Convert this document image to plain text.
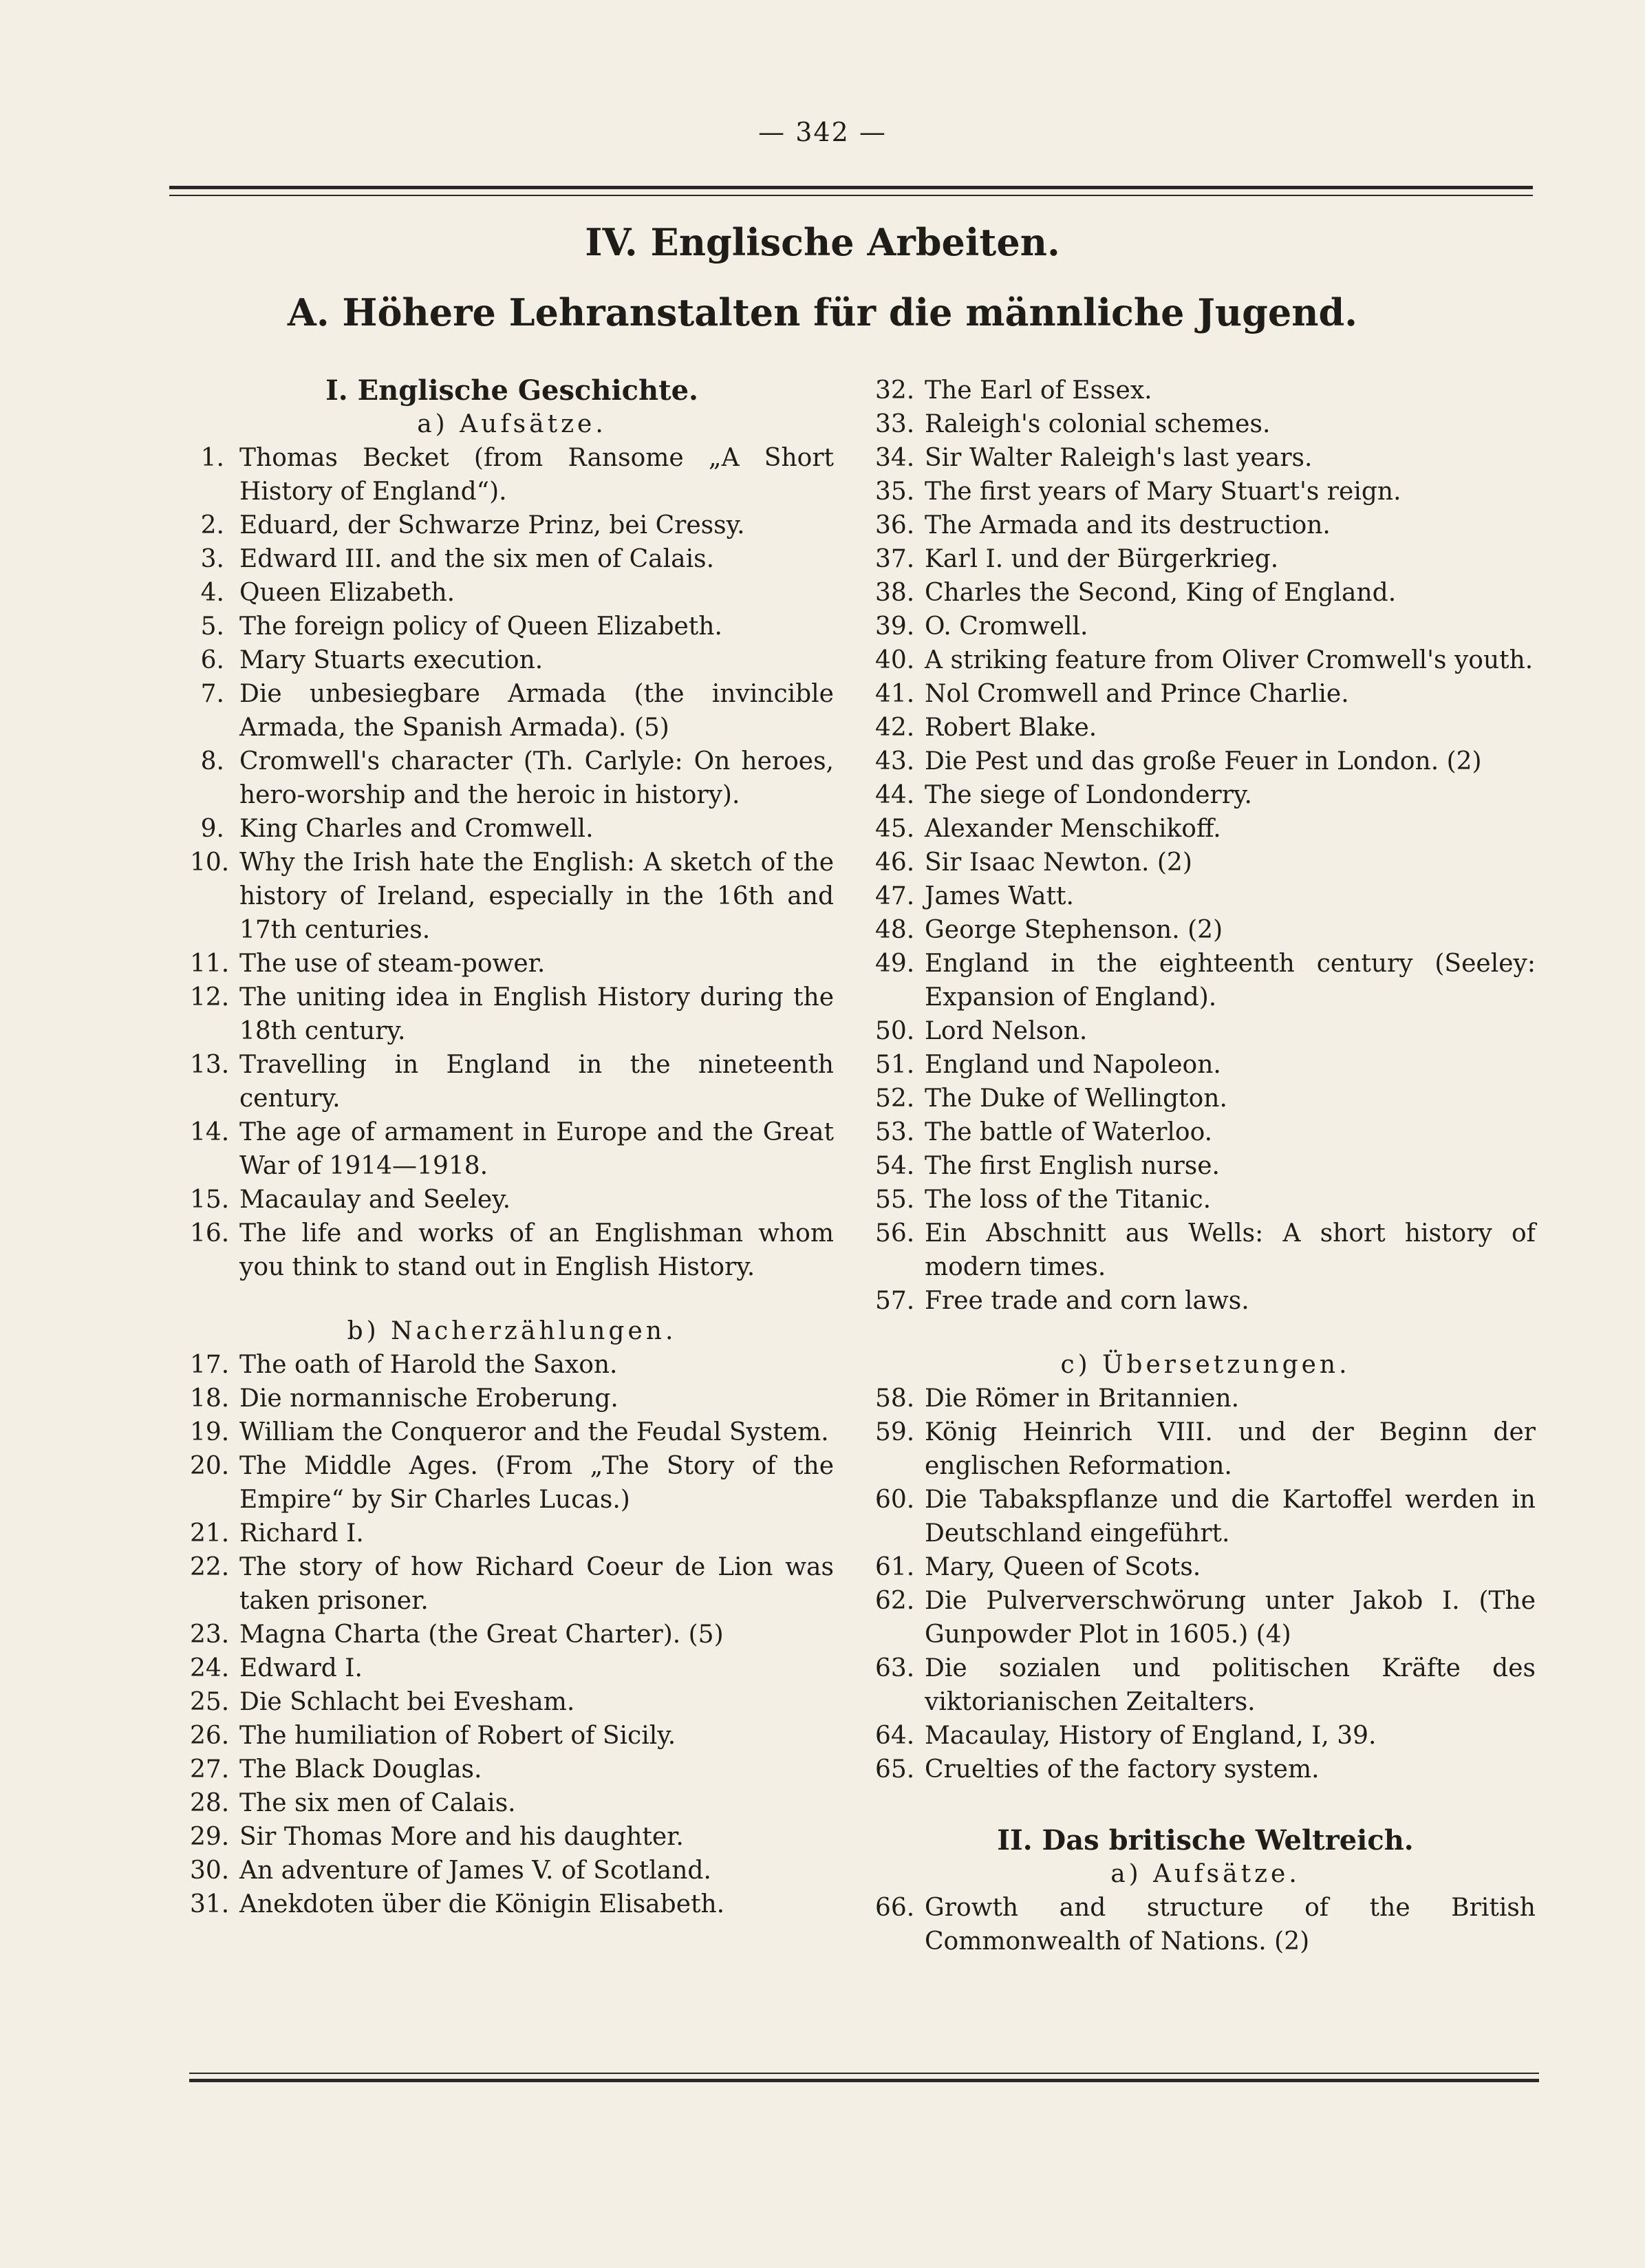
— 342 —
IV. Englische Arbeiten.
A. Höhere Lehranstalten für die männliche Jugend.

I. Englische Geschichte.
a) Aufsätze.
1. Thomas Becket (from Ransome „A Short History of England“).
2. Eduard, der Schwarze Prinz, bei Cressy.
3. Edward III. and the six men of Calais.
4. Queen Elizabeth.
5. The foreign policy of Queen Elizabeth.
6. Mary Stuarts execution.
7. Die unbesiegbare Armada (the invincible Armada, the Spanish Armada). (5)
8. Cromwell's character (Th. Carlyle: On heroes, hero-worship and the heroic in history).
9. King Charles and Cromwell.
10. Why the Irish hate the English: A sketch of the history of Ireland, especially in the 16th and 17th centuries.
11. The use of steam-power.
12. The uniting idea in English History during the 18th century.
13. Travelling in England in the nineteenth century.
14. The age of armament in Europe and the Great War of 1914—1918.
15. Macaulay and Seeley.
16. The life and works of an Englishman whom you think to stand out in English History.
b) Nacherzählungen.
17. The oath of Harold the Saxon.
18. Die normannische Eroberung.
19. William the Conqueror and the Feudal System.
20. The Middle Ages. (From „The Story of the Empire“ by Sir Charles Lucas.)
21. Richard I.
22. The story of how Richard Coeur de Lion was taken prisoner.
23. Magna Charta (the Great Charter). (5)
24. Edward I.
25. Die Schlacht bei Evesham.
26. The humiliation of Robert of Sicily.
27. The Black Douglas.
28. The six men of Calais.
29. Sir Thomas More and his daughter.
30. An adventure of James V. of Scotland.
31. Anekdoten über die Königin Elisabeth.
32. The Earl of Essex.
33. Raleigh's colonial schemes.
34. Sir Walter Raleigh's last years.
35. The first years of Mary Stuart's reign.
36. The Armada and its destruction.
37. Karl I. und der Bürgerkrieg.
38. Charles the Second, King of England.
39. O. Cromwell.
40. A striking feature from Oliver Cromwell's youth.
41. Nol Cromwell and Prince Charlie.
42. Robert Blake.
43. Die Pest und das große Feuer in London. (2)
44. The siege of Londonderry.
45. Alexander Menschikoff.
46. Sir Isaac Newton. (2)
47. James Watt.
48. George Stephenson. (2)
49. England in the eighteenth century (Seeley: Expansion of England).
50. Lord Nelson.
51. England und Napoleon.
52. The Duke of Wellington.
53. The battle of Waterloo.
54. The first English nurse.
55. The loss of the Titanic.
56. Ein Abschnitt aus Wells: A short history of modern times.
57. Free trade and corn laws.
c) Übersetzungen.
58. Die Römer in Britannien.
59. König Heinrich VIII. und der Beginn der englischen Reformation.
60. Die Tabakspflanze und die Kartoffel werden in Deutschland eingeführt.
61. Mary, Queen of Scots.
62. Die Pulververschwörung unter Jakob I. (The Gunpowder Plot in 1605.) (4)
63. Die sozialen und politischen Kräfte des viktorianischen Zeitalters.
64. Macaulay, History of England, I, 39.
65. Cruelties of the factory system.
II. Das britische Weltreich.
a) Aufsätze.
66. Growth and structure of the British Commonwealth of Nations. (2)
